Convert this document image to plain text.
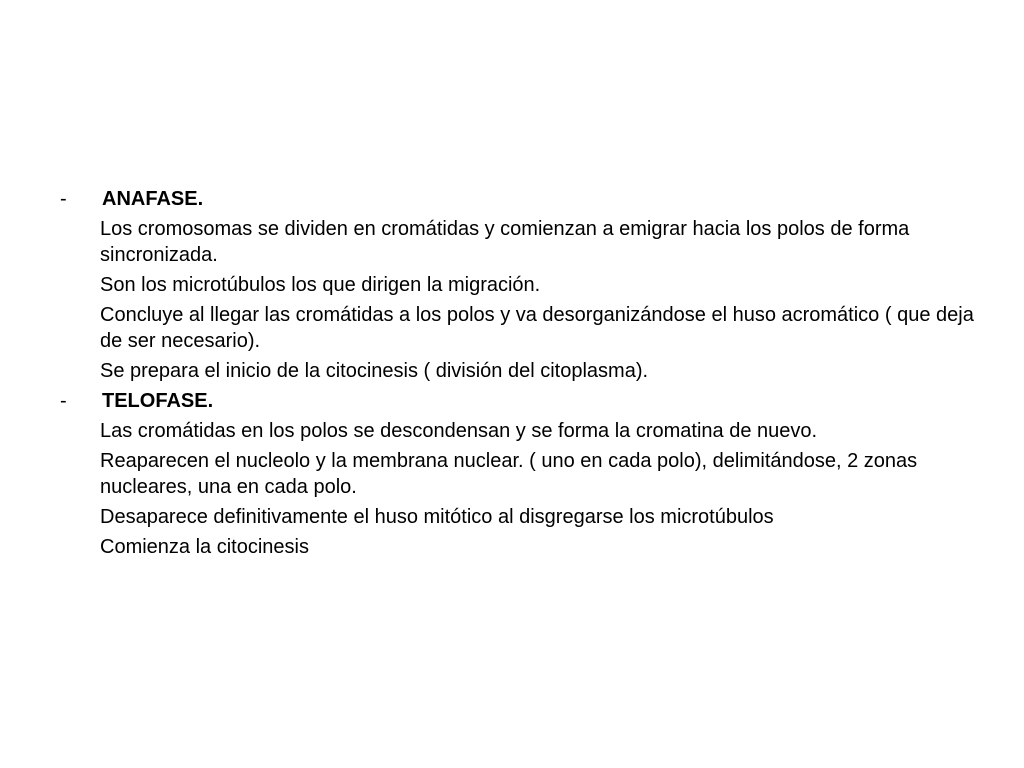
-	ANAFASE.

Los cromosomas se dividen en cromátidas y comienzan a emigrar hacia los polos de forma sincronizada.

Son los microtúbulos los que dirigen la migración.

Concluye al llegar las cromátidas a los polos y va desorganizándose el huso acromático ( que deja de ser necesario).

Se prepara el inicio de la citocinesis ( división del citoplasma).

-	TELOFASE.

Las cromátidas en los polos se descondensan y se forma la cromatina de nuevo.

Reaparecen el nucleolo y la membrana nuclear. ( uno en cada polo), delimitándose, 2 zonas nucleares, una en cada polo.

Desaparece definitivamente el huso mitótico al disgregarse los microtúbulos

Comienza la citocinesis
